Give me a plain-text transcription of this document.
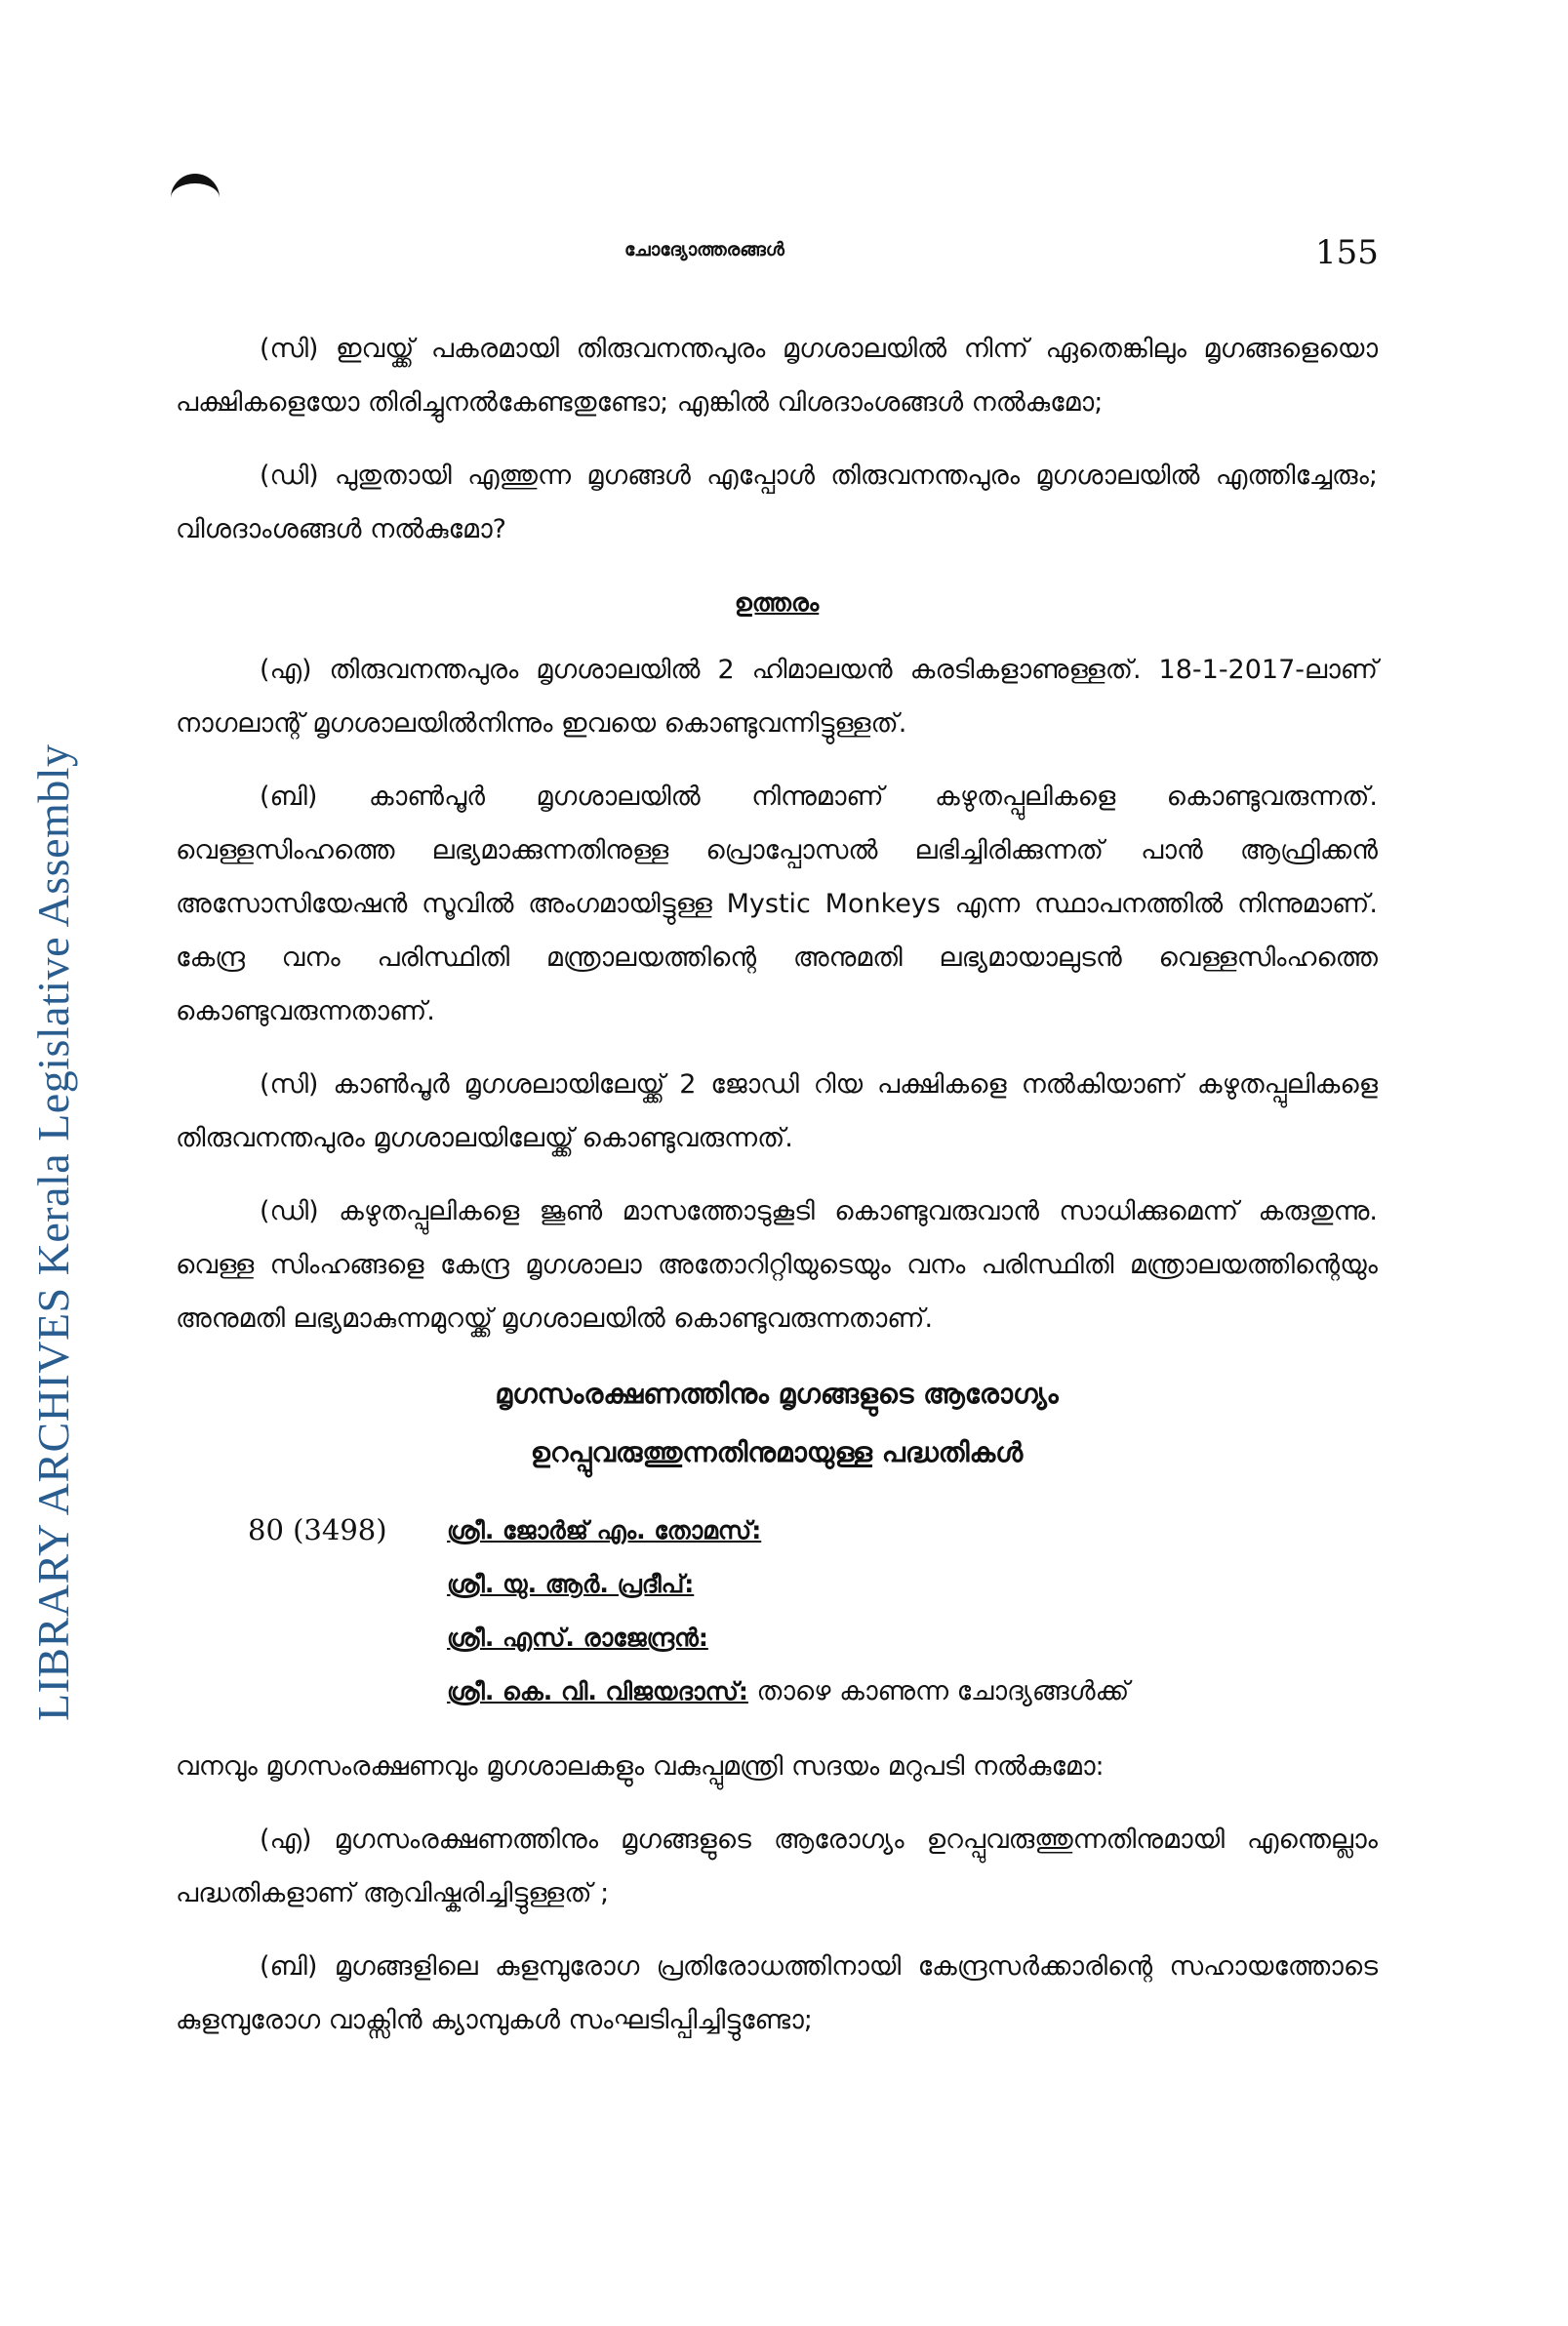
LIBRARY ARCHIVES Kerala Legislative Assembly
ചോദ്യോത്തരങ്ങൾ	155

(സി) ഇവയ്ക്ക് പകരമായി തിരുവനന്തപുരം മൃഗശാലയിൽ നിന്ന് ഏതെങ്കിലും മൃഗങ്ങളെയൊ പക്ഷികളെയോ തിരിച്ചുനൽകേണ്ടതുണ്ടോ; എങ്കിൽ വിശദാംശങ്ങൾ നൽകുമോ;

(ഡി) പുതുതായി എത്തുന്ന മൃഗങ്ങൾ എപ്പോൾ തിരുവനന്തപുരം മൃഗശാലയിൽ എത്തിച്ചേരും; വിശദാംശങ്ങൾ നൽകുമോ?

ഉത്തരം

(എ) തിരുവനന്തപുരം മൃഗശാലയിൽ 2 ഹിമാലയൻ കരടികളാണുള്ളത്. 18-1-2017-ലാണ് നാഗലാന്റ് മൃഗശാലയിൽനിന്നും ഇവയെ കൊണ്ടുവന്നിട്ടുള്ളത്.

(ബി) കാൺപൂർ മൃഗശാലയിൽ നിന്നുമാണ് കഴുതപ്പുലികളെ കൊണ്ടുവരുന്നത്. വെള്ളസിംഹത്തെ ലഭ്യമാക്കുന്നതിനുള്ള പ്രൊപ്പോസൽ ലഭിച്ചിരിക്കുന്നത് പാൻ ആഫ്രിക്കൻ അസോസിയേഷൻ സൂവിൽ അംഗമായിട്ടുള്ള Mystic Monkeys എന്ന സ്ഥാപനത്തിൽ നിന്നുമാണ്. കേന്ദ്ര വനം പരിസ്ഥിതി മന്ത്രാലയത്തിന്റെ അനുമതി ലഭ്യമായാലുടൻ വെള്ളസിംഹത്തെ കൊണ്ടുവരുന്നതാണ്.

(സി) കാൺപൂർ മൃഗശലായിലേയ്ക്ക് 2 ജോഡി റിയ പക്ഷികളെ നൽകിയാണ് കഴുതപ്പുലികളെ തിരുവനന്തപുരം മൃഗശാലയിലേയ്ക്ക് കൊണ്ടുവരുന്നത്.

(ഡി) കഴുതപ്പുലികളെ ജൂൺ മാസത്തോടുകൂടി കൊണ്ടുവരുവാൻ സാധിക്കുമെന്ന് കരുതുന്നു. വെള്ള സിംഹങ്ങളെ കേന്ദ്ര മൃഗശാലാ അതോറിറ്റിയുടെയും വനം പരിസ്ഥിതി മന്ത്രാലയത്തിന്റെയും അനുമതി ലഭ്യമാകുന്നമുറയ്ക്ക് മൃഗശാലയിൽ കൊണ്ടുവരുന്നതാണ്.

മൃഗസംരക്ഷണത്തിനും മൃഗങ്ങളുടെ ആരോഗ്യം
ഉറപ്പുവരുത്തുന്നതിനുമായുള്ള പദ്ധതികൾ
80 (3498) ശ്രീ. ജോർജ് എം. തോമസ്:
ശ്രീ. യു. ആർ. പ്രദീപ്:
ശ്രീ. എസ്. രാജേന്ദ്രൻ:
ശ്രീ. കെ. വി. വിജയദാസ്: താഴെ കാണുന്ന ചോദ്യങ്ങൾക്ക്

വനവും മൃഗസംരക്ഷണവും മൃഗശാലകളും വകുപ്പുമന്ത്രി സദയം മറുപടി നൽകുമോ:

(എ) മൃഗസംരക്ഷണത്തിനും മൃഗങ്ങളുടെ ആരോഗ്യം ഉറപ്പുവരുത്തുന്നതിനുമായി എന്തെല്ലാം പദ്ധതികളാണ് ആവിഷ്കരിച്ചിട്ടുള്ളത് ;

(ബി) മൃഗങ്ങളിലെ കുളമ്പുരോഗ പ്രതിരോധത്തിനായി കേന്ദ്രസർക്കാരിന്റെ സഹായത്തോടെ കുളമ്പുരോഗ വാക്സിൻ ക്യാമ്പുകൾ സംഘടിപ്പിച്ചിട്ടുണ്ടോ;
